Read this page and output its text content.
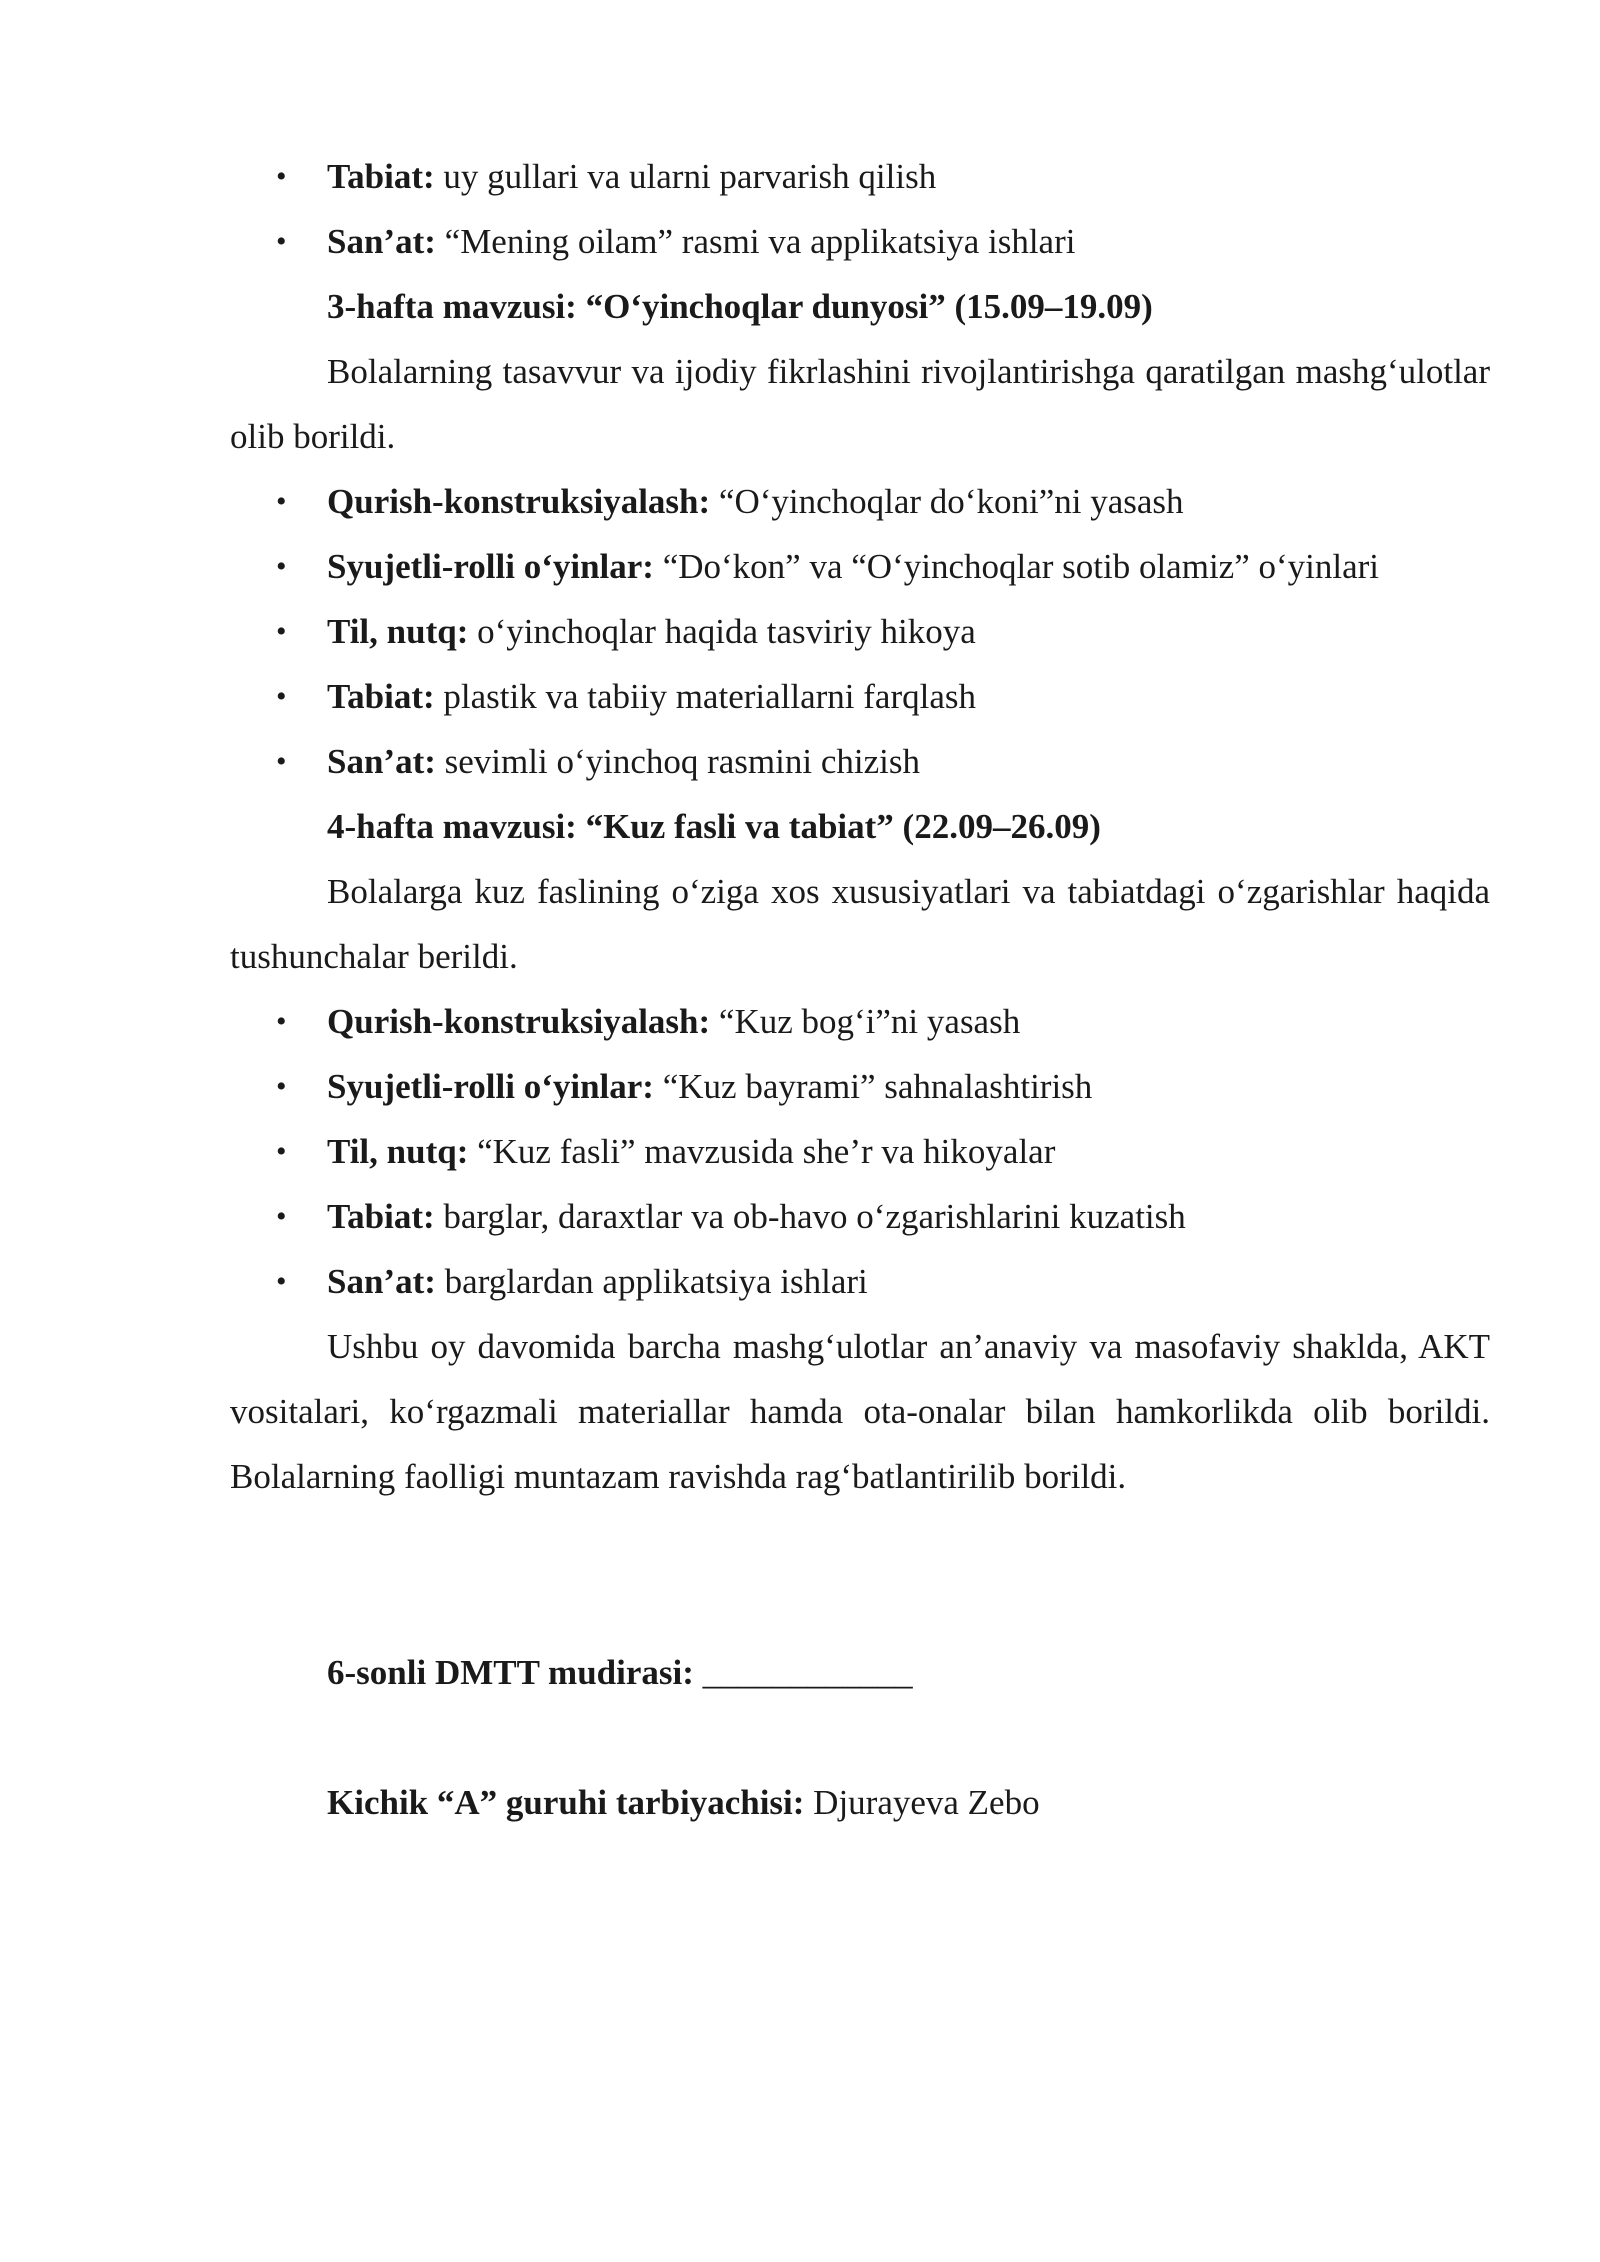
• Tabiat: uy gullari va ularni parvarish qilish
• San’at: “Mening oilam” rasmi va applikatsiya ishlari
3-hafta mavzusi: “O‘yinchoqlar dunyosi” (15.09–19.09)

Bolalarning tasavvur va ijodiy fikrlashini rivojlantirishga qaratilgan mashg‘ulotlar olib borildi.

• Qurish-konstruksiyalash: “O‘yinchoqlar do‘koni”ni yasash
• Syujetli-rolli o‘yinlar: “Do‘kon” va “O‘yinchoqlar sotib olamiz” o‘yinlari
• Til, nutq: o‘yinchoqlar haqida tasviriy hikoya
• Tabiat: plastik va tabiiy materiallarni farqlash
• San’at: sevimli o‘yinchoq rasmini chizish
4-hafta mavzusi: “Kuz fasli va tabiat” (22.09–26.09)

Bolalarga kuz faslining o‘ziga xos xususiyatlari va tabiatdagi o‘zgarishlar haqida tushunchalar berildi.

• Qurish-konstruksiyalash: “Kuz bog‘i”ni yasash
• Syujetli-rolli o‘yinlar: “Kuz bayrami” sahnalashtirish
• Til, nutq: “Kuz fasli” mavzusida she’r va hikoyalar
• Tabiat: barglar, daraxtlar va ob-havo o‘zgarishlarini kuzatish
• San’at: barglardan applikatsiya ishlari

Ushbu oy davomida barcha mashg‘ulotlar an’anaviy va masofaviy shaklda, AKT vositalari, ko‘rgazmali materiallar hamda ota-onalar bilan hamkorlikda olib borildi. Bolalarning faolligi muntazam ravishda rag‘batlantirilib borildi.

6-sonli DMTT mudirasi: ____________
Kichik “A” guruhi tarbiyachisi: Djurayeva Zebo
